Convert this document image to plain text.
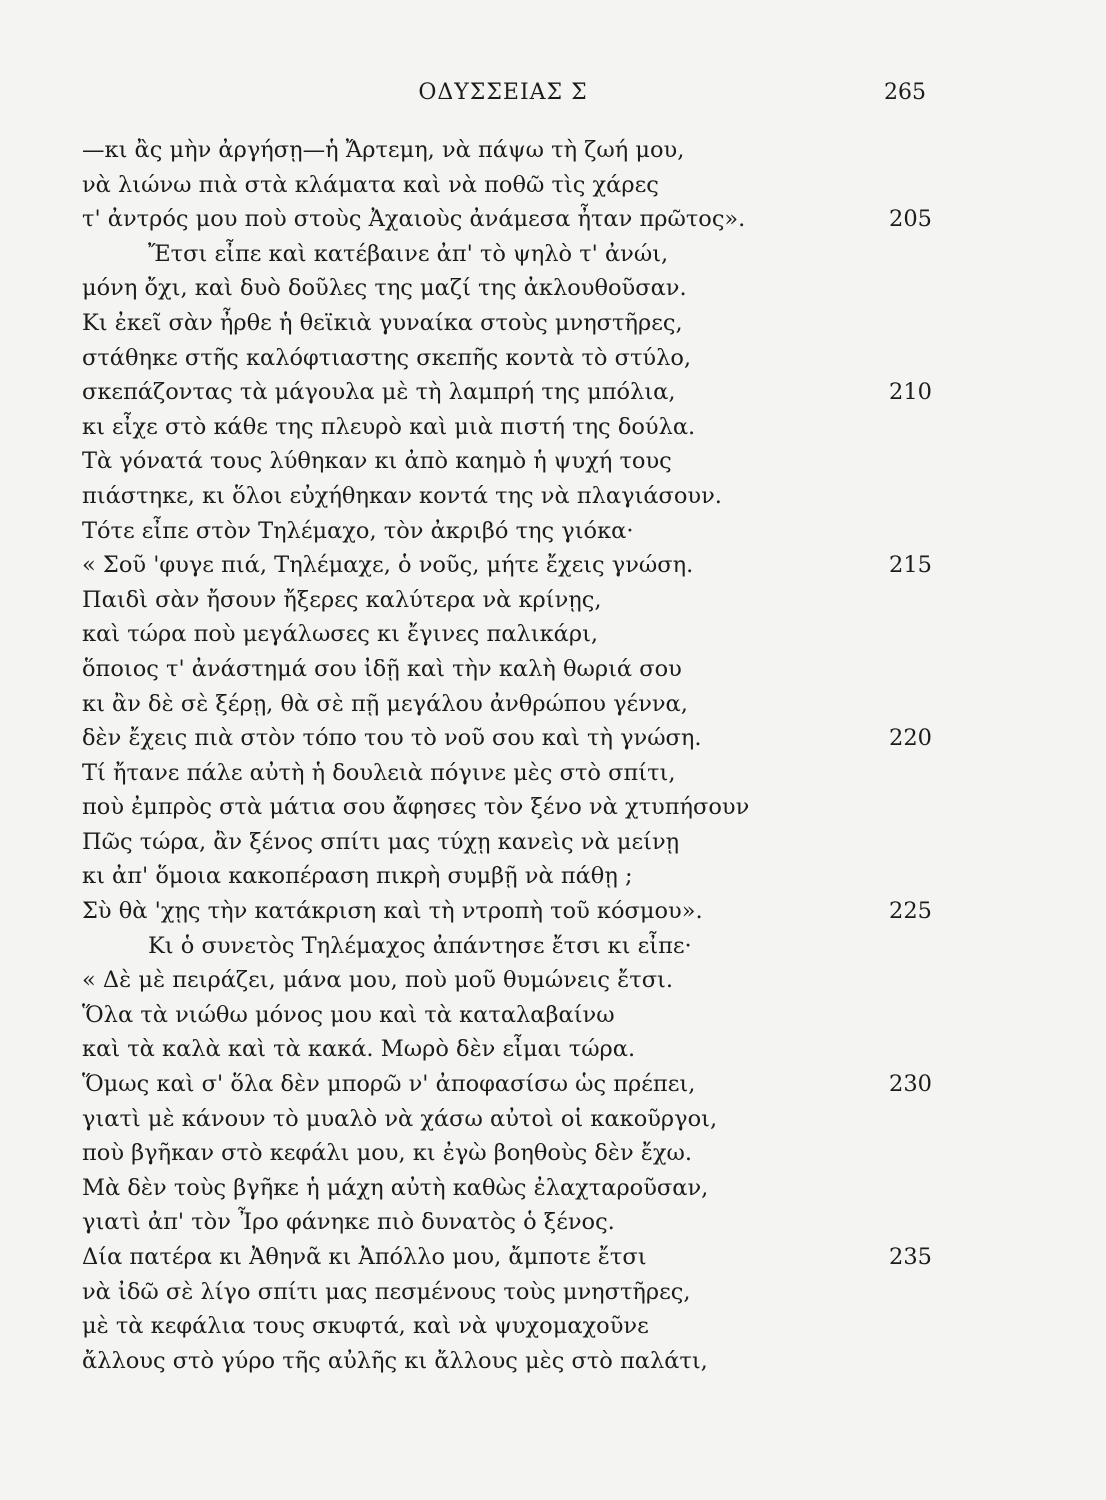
ΟΔΥΣΣΕΙΑΣ Σ	265
—κι ἂς μὴν ἀργήσῃ—ἡ Ἄρτεμη, νὰ πάψω τὴ ζωή μου,
νὰ λιώνω πιὰ στὰ κλάματα καὶ νὰ ποθῶ τὶς χάρες
τ' ἀντρός μου ποὺ στοὺς Ἀχαιοὺς ἀνάμεσα ἦταν πρῶτος».	205
Ἔτσι εἶπε καὶ κατέβαινε ἀπ' τὸ ψηλὸ τ' ἀνώι,
μόνη ὄχι, καὶ δυὸ δοῦλες της μαζί της ἀκλουθοῦσαν.
Κι ἐκεῖ σὰν ἦρθε ἡ θεϊκιὰ γυναίκα στοὺς μνηστῆρες,
στάθηκε στῆς καλόφτιαστης σκεπῆς κοντὰ τὸ στύλο,
σκεπάζοντας τὰ μάγουλα μὲ τὴ λαμπρή της μπόλια,	210
κι εἶχε στὸ κάθε της πλευρὸ καὶ μιὰ πιστή της δούλα.
Τὰ γόνατά τους λύθηκαν κι ἀπὸ καημὸ ἡ ψυχή τους
πιάστηκε, κι ὅλοι εὐχήθηκαν κοντά της νὰ πλαγιάσουν.
Τότε εἶπε στὸν Τηλέμαχο, τὸν ἀκριβό της γιόκα·
« Σοῦ 'φυγε πιά, Τηλέμαχε, ὁ νοῦς, μήτε ἔχεις γνώση.	215
Παιδὶ σὰν ἤσουν ἤξερες καλύτερα νὰ κρίνῃς,
καὶ τώρα ποὺ μεγάλωσες κι ἔγινες παλικάρι,
ὅποιος τ' ἀνάστημά σου ἰδῇ καὶ τὴν καλὴ θωριά σου
κι ἂν δὲ σὲ ξέρῃ, θὰ σὲ πῇ μεγάλου ἀνθρώπου γέννα,
δὲν ἔχεις πιὰ στὸν τόπο του τὸ νοῦ σου καὶ τὴ γνώση.	220
Τί ἤτανε πάλε αὐτὴ ἡ δουλειὰ πόγινε μὲς στὸ σπίτι,
ποὺ ἐμπρὸς στὰ μάτια σου ἄφησες τὸν ξένο νὰ χτυπήσουν
Πῶς τώρα, ἂν ξένος σπίτι μας τύχῃ κανεὶς νὰ μείνῃ
κι ἀπ' ὅμοια κακοπέραση πικρὴ συμβῇ νὰ πάθῃ ;
Σὺ θὰ 'χῃς τὴν κατάκριση καὶ τὴ ντροπὴ τοῦ κόσμου».	225
Κι ὁ συνετὸς Τηλέμαχος ἀπάντησε ἔτσι κι εἶπε·
« Δὲ μὲ πειράζει, μάνα μου, ποὺ μοῦ θυμώνεις ἔτσι.
Ὅλα τὰ νιώθω μόνος μου καὶ τὰ καταλαβαίνω
καὶ τὰ καλὰ καὶ τὰ κακά. Μωρὸ δὲν εἶμαι τώρα.
Ὅμως καὶ σ' ὅλα δὲν μπορῶ ν' ἀποφασίσω ὡς πρέπει,	230
γιατὶ μὲ κάνουν τὸ μυαλὸ νὰ χάσω αὐτοὶ οἱ κακοῦργοι,
ποὺ βγῆκαν στὸ κεφάλι μου, κι ἐγὼ βοηθοὺς δὲν ἔχω.
Μὰ δὲν τοὺς βγῆκε ἡ μάχη αὐτὴ καθὼς ἐλαχταροῦσαν,
γιατὶ ἀπ' τὸν Ἶρο φάνηκε πιὸ δυνατὸς ὁ ξένος.
Δία πατέρα κι Ἀθηνᾶ κι Ἀπόλλο μου, ἄμποτε ἔτσι	235
νὰ ἰδῶ σὲ λίγο σπίτι μας πεσμένους τοὺς μνηστῆρες,
μὲ τὰ κεφάλια τους σκυφτά, καὶ νὰ ψυχομαχοῦνε
ἄλλους στὸ γύρο τῆς αὐλῆς κι ἄλλους μὲς στὸ παλάτι,
